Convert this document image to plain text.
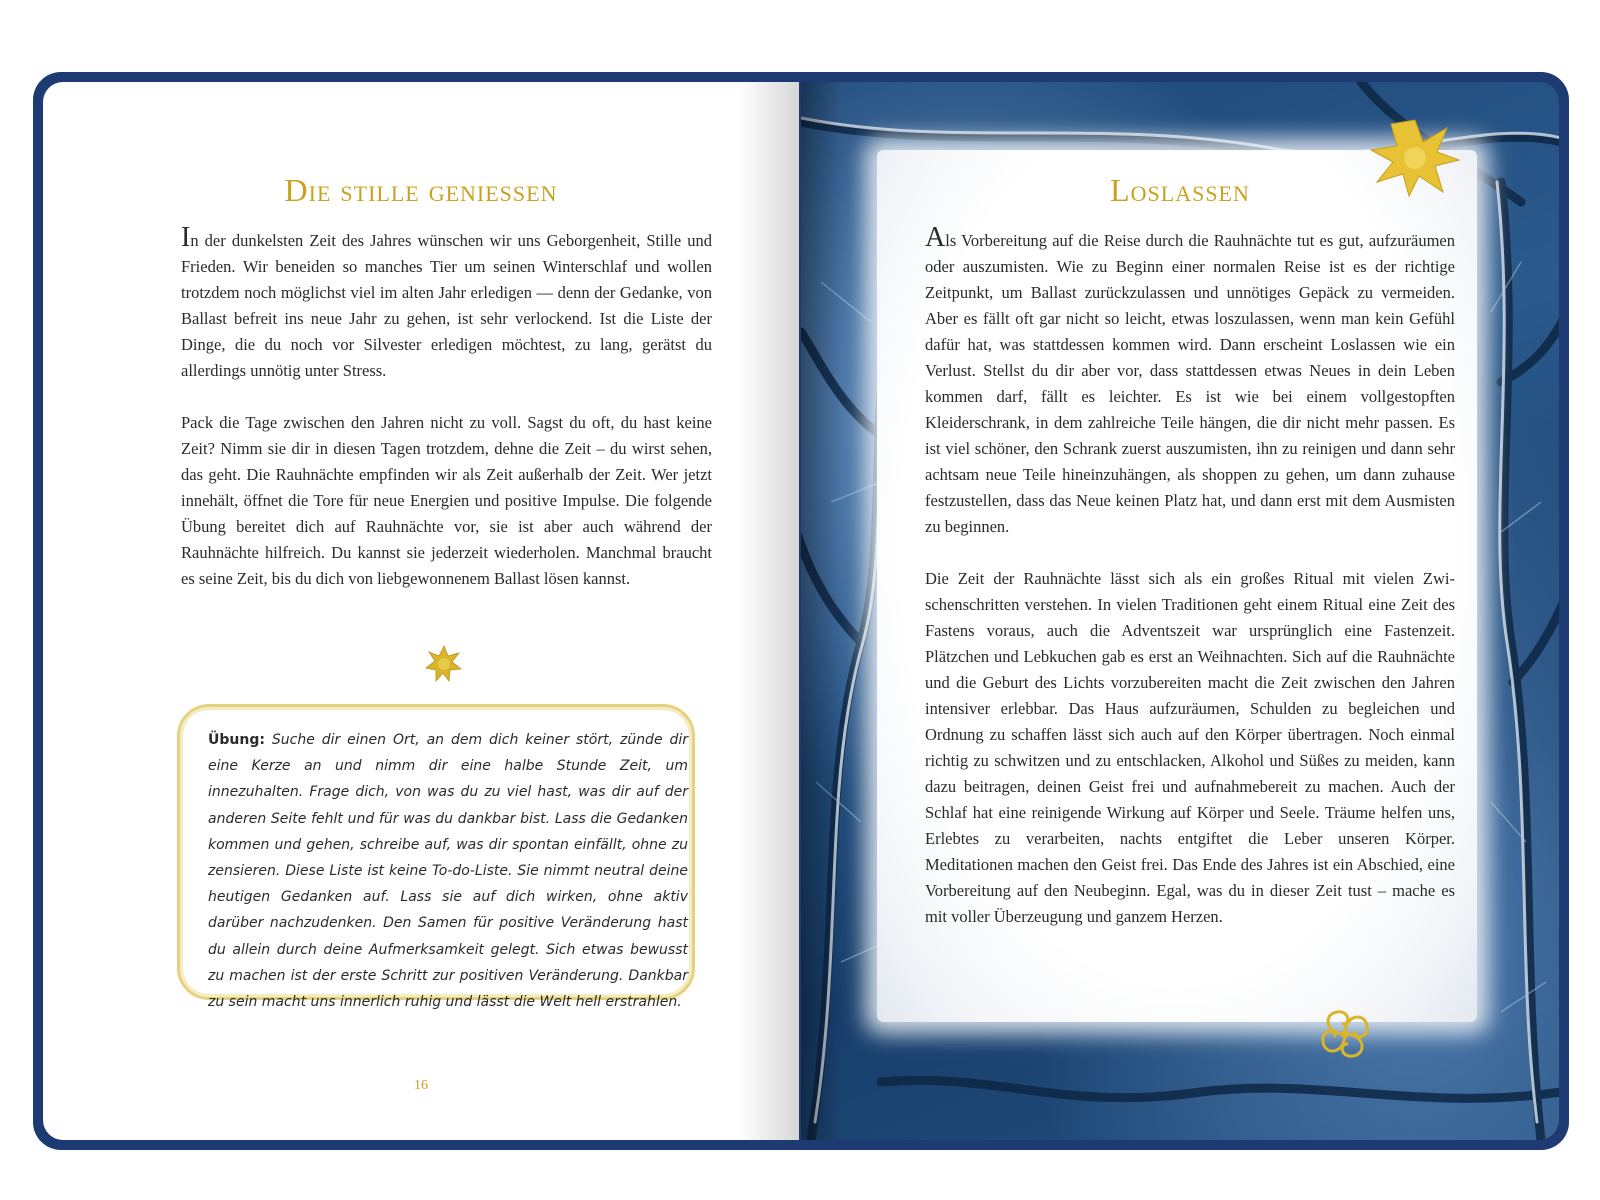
Die stille geniessen

In der dunkelsten Zeit des Jahres wünschen wir uns Geborgenheit, Stille und Frieden. Wir beneiden so manches Tier um seinen Winterschlaf und wollen trotzdem noch möglichst viel im alten Jahr erledigen — denn der Gedanke, von Ballast befreit ins neue Jahr zu gehen, ist sehr verlockend. Ist die Liste der Dinge, die du noch vor Silvester erledigen möchtest, zu lang, gerätst du allerdings unnötig unter Stress.

Pack die Tage zwischen den Jahren nicht zu voll. Sagst du oft, du hast keine Zeit? Nimm sie dir in diesen Tagen trotzdem, dehne die Zeit – du wirst sehen, das geht. Die Rauhnächte empfinden wir als Zeit außerhalb der Zeit. Wer jetzt innehält, öffnet die Tore für neue Energien und positive Impulse. Die folgende Übung bereitet dich auf Rauhnächte vor, sie ist aber auch während der Rauhnächte hilfreich. Du kannst sie jederzeit wiederholen. Manchmal braucht es seine Zeit, bis du dich von liebgewonnenem Ballast lösen kannst.

Übung: Suche dir einen Ort, an dem dich keiner stört, zünde dir eine Kerze an und nimm dir eine halbe Stunde Zeit, um innezuhalten. Frage dich, von was du zu viel hast, was dir auf der anderen Seite fehlt und für was du dankbar bist. Lass die Gedanken kommen und gehen, schreibe auf, was dir spontan einfällt, ohne zu zensieren. Diese Liste ist keine To-do-Liste. Sie nimmt neutral deine heutigen Gedanken auf. Lass sie auf dich wirken, ohne aktiv darüber nachzudenken. Den Samen für positive Veränderung hast du allein durch deine Aufmerksamkeit gelegt. Sich etwas bewusst zu machen ist der erste Schritt zur positiven Veränderung. Dankbar zu sein macht uns innerlich ruhig und lässt die Welt hell erstrahlen.

16
Loslassen

Als Vorbereitung auf die Reise durch die Rauhnächte tut es gut, aufzuräumen oder auszumisten. Wie zu Beginn einer normalen Reise ist es der richtige Zeitpunkt, um Ballast zurückzulassen und unnötiges Gepäck zu vermeiden. Aber es fällt oft gar nicht so leicht, etwas loszulassen, wenn man kein Gefühl dafür hat, was stattdessen kommen wird. Dann erscheint Loslassen wie ein Verlust. Stellst du dir aber vor, dass stattdessen etwas Neues in dein Leben kommen darf, fällt es leichter. Es ist wie bei einem vollgestopften Kleiderschrank, in dem zahlreiche Teile hängen, die dir nicht mehr passen. Es ist viel schöner, den Schrank zuerst auszumisten, ihn zu reinigen und dann sehr achtsam neue Teile hineinzuhängen, als shoppen zu gehen, um dann zuhause festzustellen, dass das Neue keinen Platz hat, und dann erst mit dem Ausmisten zu beginnen.

Die Zeit der Rauhnächte lässt sich als ein großes Ritual mit vielen Zwischenschritten verstehen. In vielen Traditionen geht einem Ritual eine Zeit des Fastens voraus, auch die Adventszeit war ursprünglich eine Fastenzeit. Plätzchen und Lebkuchen gab es erst an Weihnachten. Sich auf die Rauhnächte und die Geburt des Lichts vorzubereiten macht die Zeit zwischen den Jahren intensiver erlebbar. Das Haus aufzuräumen, Schulden zu begleichen und Ordnung zu schaffen lässt sich auch auf den Körper übertragen. Noch einmal richtig zu schwitzen und zu entschlacken, Alkohol und Süßes zu meiden, kann dazu beitragen, deinen Geist frei und aufnahmebereit zu machen. Auch der Schlaf hat eine reinigende Wirkung auf Körper und Seele. Träume helfen uns, Erlebtes zu verarbeiten, nachts entgiftet die Leber unseren Körper. Meditationen machen den Geist frei. Das Ende des Jahres ist ein Abschied, eine Vorbereitung auf den Neubeginn. Egal, was du in dieser Zeit tust – mache es mit voller Überzeugung und ganzem Herzen.
